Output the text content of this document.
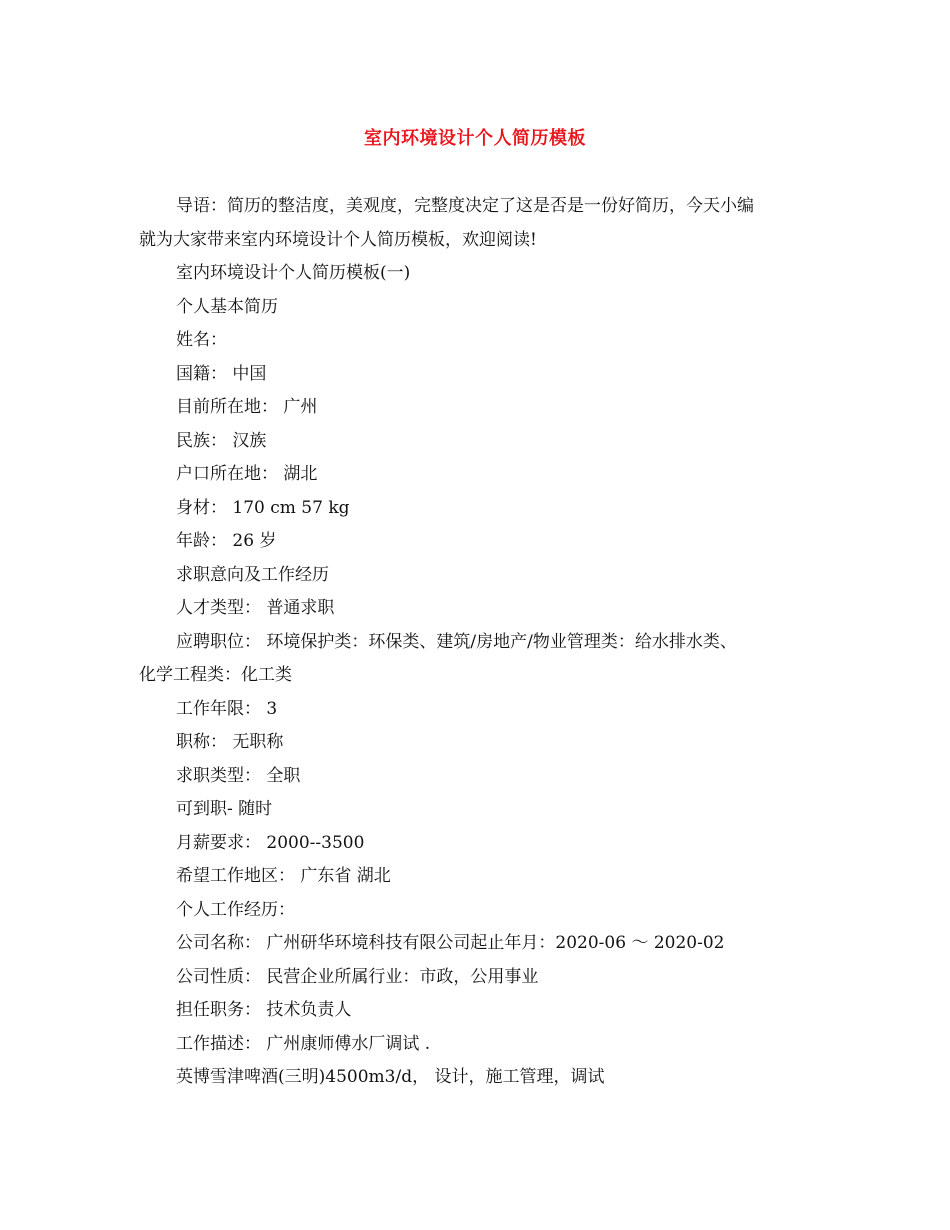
室内环境设计个人简历模板
导语：简历的整洁度，美观度，完整度决定了这是否是一份好简历，今天小编
就为大家带来室内环境设计个人简历模板，欢迎阅读!
室内环境设计个人简历模板(一)
个人基本简历
姓名：
国籍： 中国
目前所在地： 广州
民族： 汉族
户口所在地： 湖北
身材： 170 cm 57 kg
年龄： 26 岁
求职意向及工作经历
人才类型： 普通求职
应聘职位： 环境保护类：环保类、建筑/房地产/物业管理类：给水排水类、
化学工程类：化工类
工作年限： 3
职称： 无职称
求职类型： 全职
可到职- 随时
月薪要求： 2000--3500
希望工作地区： 广东省 湖北
个人工作经历：
公司名称： 广州研华环境科技有限公司起止年月：2020-06 ～ 2020-02
公司性质： 民营企业所属行业：市政，公用事业
担任职务： 技术负责人
工作描述： 广州康师傅水厂调试 .
英博雪津啤酒(三明)4500m3/d， 设计，施工管理，调试
